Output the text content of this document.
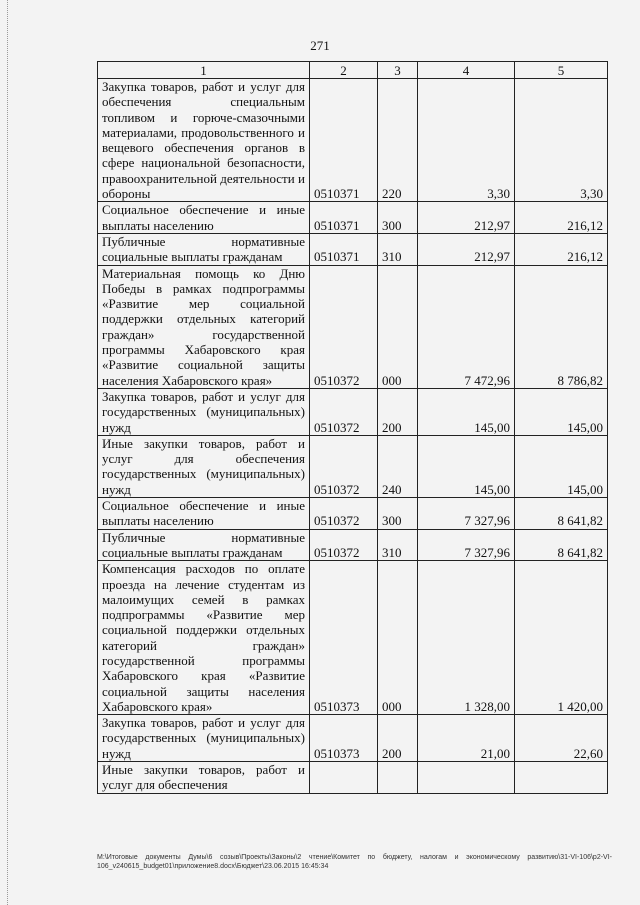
271
1	2	3	4	5
Закупка товаров, работ и услуг для обеспечения специальным топливом и горюче-смазочными материалами, продовольственного и вещевого обеспечения органов в сфере национальной безопасности, правоохранительной деятельности и обороны	0510371	220	3,30	3,30
Социальное обеспечение и иные выплаты населению	0510371	300	212,97	216,12
Публичные нормативные социальные выплаты гражданам	0510371	310	212,97	216,12
Материальная помощь ко Дню Победы в рамках подпрограммы «Развитие мер социальной поддержки отдельных категорий граждан» государственной программы Хабаровского края «Развитие социальной защиты населения Хабаровского края»	0510372	000	7 472,96	8 786,82
Закупка товаров, работ и услуг для государственных (муниципальных) нужд	0510372	200	145,00	145,00
Иные закупки товаров, работ и услуг для обеспечения государственных (муниципальных) нужд	0510372	240	145,00	145,00
Социальное обеспечение и иные выплаты населению	0510372	300	7 327,96	8 641,82
Публичные нормативные социальные выплаты гражданам	0510372	310	7 327,96	8 641,82
Компенсация расходов по оплате проезда на лечение студентам из малоимущих семей в рамках подпрограммы «Развитие мер социальной поддержки отдельных категорий граждан» государственной программы Хабаровского края «Развитие социальной защиты населения Хабаровского края»	0510373	000	1 328,00	1 420,00
Закупка товаров, работ и услуг для государственных (муниципальных) нужд	0510373	200	21,00	22,60
Иные закупки товаров, работ и услуг для обеспечения				
M:\Итоговые документы Думы\6 созыв\Проекты\Законы\2 чтение\Комитет по бюджету, налогам и экономическому развитию\31-VI-106\р2-VI-106_v240615_budget01\приложение8.docx\Бюджет\23.06.2015 16:45:34
